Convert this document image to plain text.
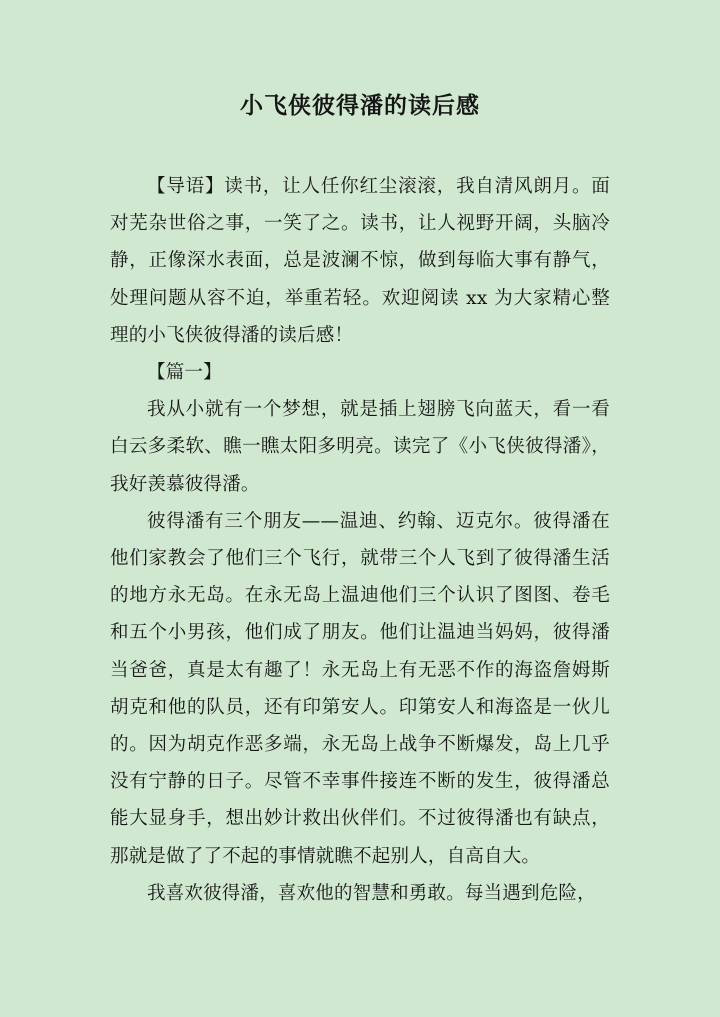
小飞侠彼得潘的读后感

【导语】读书，让人任你红尘滚滚，我自清风朗月。面对芜杂世俗之事，一笑了之。读书，让人视野开阔，头脑冷静，正像深水表面，总是波澜不惊，做到每临大事有静气，处理问题从容不迫，举重若轻。欢迎阅读 xx 为大家精心整理的小飞侠彼得潘的读后感！

【篇一】

我从小就有一个梦想，就是插上翅膀飞向蓝天，看一看白云多柔软、瞧一瞧太阳多明亮。读完了《小飞侠彼得潘》，我好羡慕彼得潘。

彼得潘有三个朋友——温迪、约翰、迈克尔。彼得潘在他们家教会了他们三个飞行，就带三个人飞到了彼得潘生活的地方永无岛。在永无岛上温迪他们三个认识了图图、卷毛和五个小男孩，他们成了朋友。他们让温迪当妈妈，彼得潘当爸爸，真是太有趣了！永无岛上有无恶不作的海盗詹姆斯胡克和他的队员，还有印第安人。印第安人和海盗是一伙儿的。因为胡克作恶多端，永无岛上战争不断爆发，岛上几乎没有宁静的日子。尽管不幸事件接连不断的发生，彼得潘总能大显身手，想出妙计救出伙伴们。不过彼得潘也有缺点，那就是做了了不起的事情就瞧不起别人，自高自大。

我喜欢彼得潘，喜欢他的智慧和勇敢。每当遇到危险，
